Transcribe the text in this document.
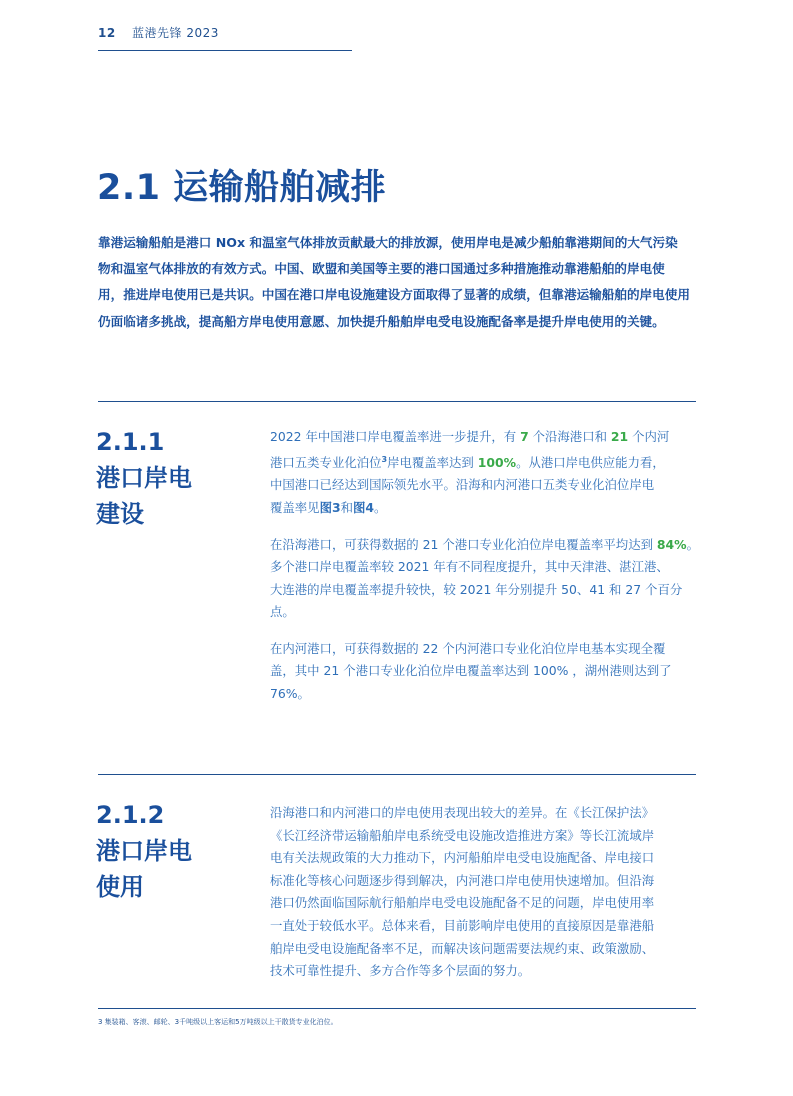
12 蓝港先锋 2023
2.1 运输船舶减排
靠港运输船舶是港口 NOx 和温室气体排放贡献最大的排放源，使用岸电是减少船舶靠港期间的大气污染
物和温室气体排放的有效方式。中国、欧盟和美国等主要的港口国通过多种措施推动靠港船舶的岸电使
用，推进岸电使用已是共识。中国在港口岸电设施建设方面取得了显著的成绩，但靠港运输船舶的岸电使用
仍面临诸多挑战，提高船方岸电使用意愿、加快提升船舶岸电受电设施配备率是提升岸电使用的关键。
2.1.1
港口岸电
建设

2022 年中国港口岸电覆盖率进一步提升，有 7 个沿海港口和 21 个内河
港口五类专业化泊位$^3$岸电覆盖率达到 100%。从港口岸电供应能力看，
中国港口已经达到国际领先水平。沿海和内河港口五类专业化泊位岸电
覆盖率见图3和图4。

在沿海港口，可获得数据的 21 个港口专业化泊位岸电覆盖率平均达到 84%。
多个港口岸电覆盖率较 2021 年有不同程度提升，其中天津港、湛江港、
大连港的岸电覆盖率提升较快，较 2021 年分别提升 50、41 和 27 个百分
点。

在内河港口，可获得数据的 22 个内河港口专业化泊位岸电基本实现全覆
盖，其中 21 个港口专业化泊位岸电覆盖率达到 100% ，湖州港则达到了
76%。

2.1.2
港口岸电
使用

沿海港口和内河港口的岸电使用表现出较大的差异。在《长江保护法》
《长江经济带运输船舶岸电系统受电设施改造推进方案》等长江流域岸
电有关法规政策的大力推动下，内河船舶岸电受电设施配备、岸电接口
标准化等核心问题逐步得到解决，内河港口岸电使用快速增加。但沿海
港口仍然面临国际航行船舶岸电受电设施配备不足的问题，岸电使用率
一直处于较低水平。总体来看，目前影响岸电使用的直接原因是靠港船
舶岸电受电设施配备率不足，而解决该问题需要法规约束、政策激励、
技术可靠性提升、多方合作等多个层面的努力。

3 集装箱、客滚、邮轮、3千吨级以上客运和5万吨级以上干散货专业化泊位。
